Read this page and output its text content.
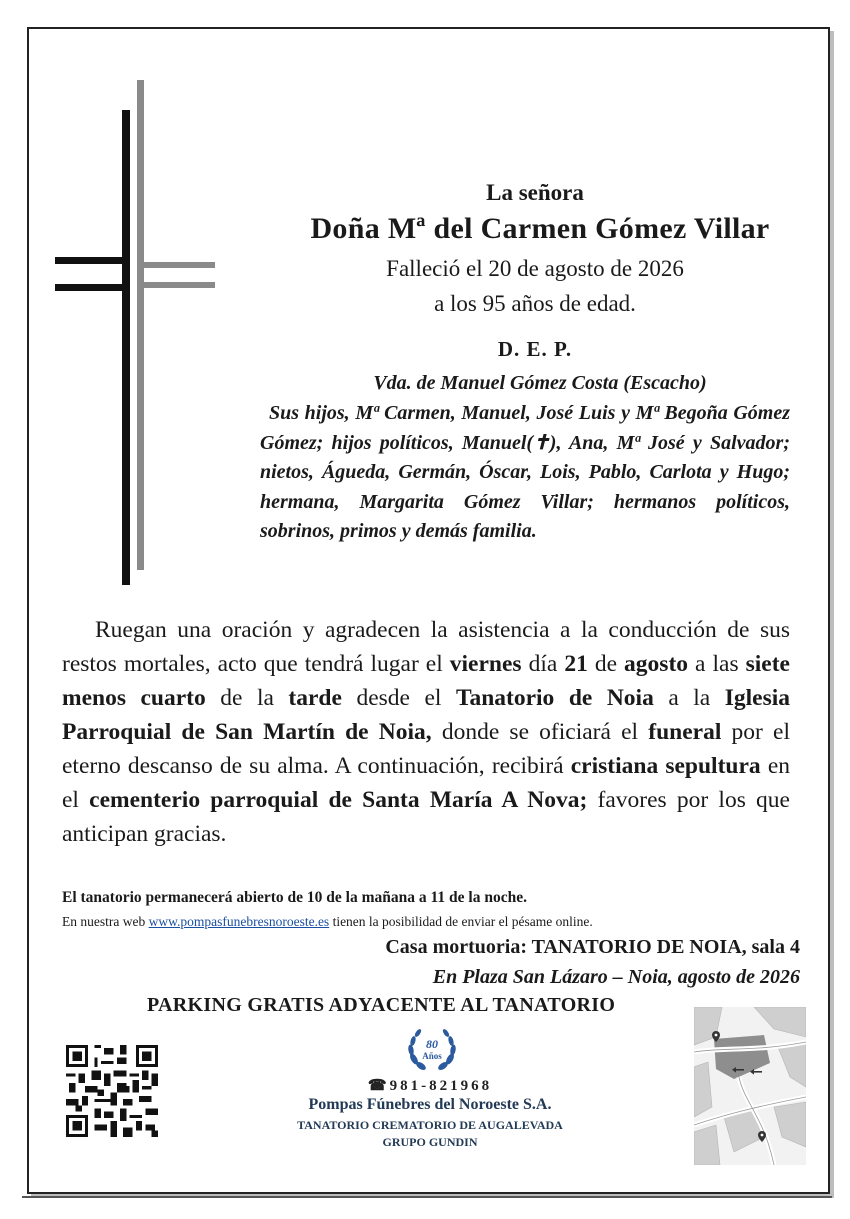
La señora
Doña Mª del Carmen Gómez Villar
Falleció el 20 de agosto de 2026
a los 95 años de edad.
D. E. P.
Vda. de Manuel Gómez Costa (Escacho)
Sus hijos, Mª Carmen, Manuel, José Luis y Mª Begoña Gómez Gómez; hijos políticos, Manuel(✝), Ana, Mª José y Salvador; nietos, Águeda, Germán, Óscar, Lois, Pablo, Carlota y Hugo; hermana, Margarita Gómez Villar; hermanos políticos, sobrinos, primos y demás familia.
Ruegan una oración y agradecen la asistencia a la conducción de sus restos mortales, acto que tendrá lugar el viernes día 21 de agosto a las siete menos cuarto de la tarde desde el Tanatorio de Noia a la Iglesia Parroquial de San Martín de Noia, donde se oficiará el funeral por el eterno descanso de su alma. A continuación, recibirá cristiana sepultura en el cementerio parroquial de Santa María A Nova; favores por los que anticipan gracias.
El tanatorio permanecerá abierto de 10 de la mañana a 11 de la noche.
En nuestra web www.pompasfunebresnoroeste.es tienen la posibilidad de enviar el pésame online.
Casa mortuoria: TANATORIO DE NOIA, sala 4
En Plaza San Lázaro – Noia, agosto de 2026
PARKING GRATIS ADYACENTE AL TANATORIO
80
Años
☎981-821968
Pompas Fúnebres del Noroeste S.A.
TANATORIO CREMATORIO DE AUGALEVADA
GRUPO GUNDIN
